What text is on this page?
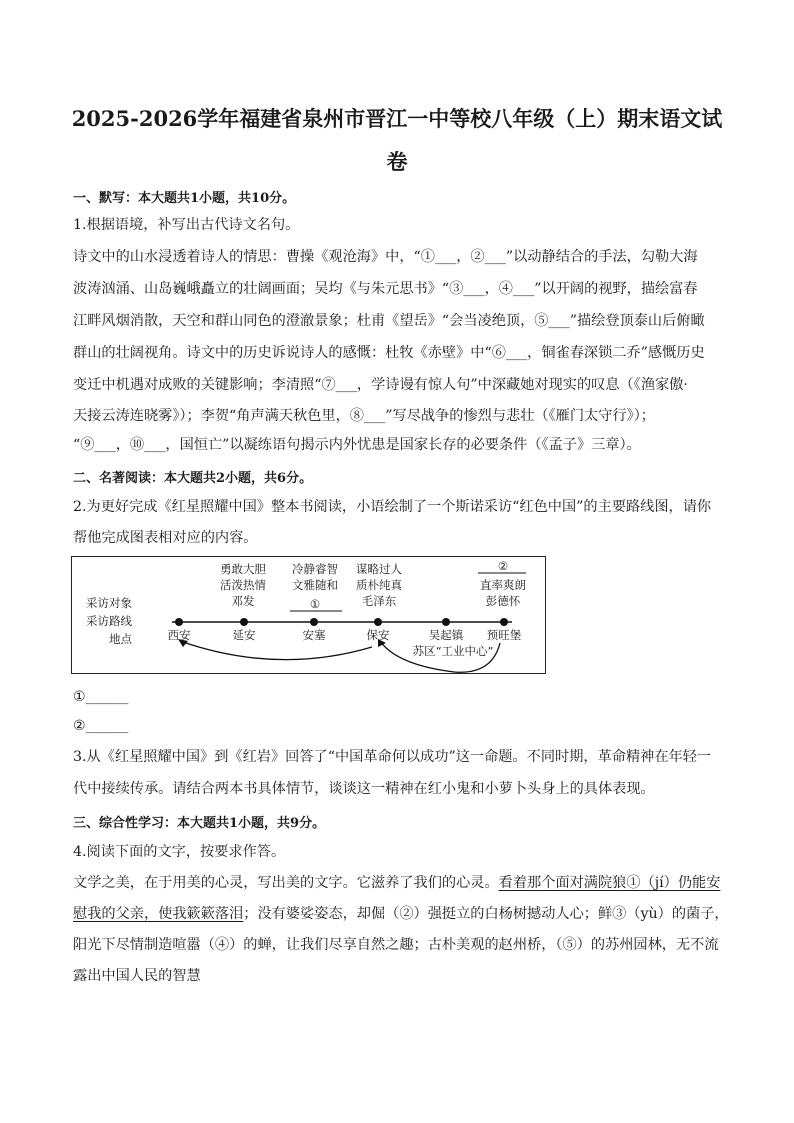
2025-2026学年福建省泉州市晋江一中等校八年级（上）期末语文试
卷
一、默写：本大题共1小题，共10分。
1.根据语境，补写出古代诗文名句。
诗文中的山水浸透着诗人的情思：曹操《观沧海》中，“①___，②___”以动静结合的手法，勾勒大海
波涛汹涌、山岛巍峨矗立的壮阔画面；吴均《与朱元思书》“③___，④___”以开阔的视野，描绘富春
江畔风烟消散，天空和群山同色的澄澈景象；杜甫《望岳》“会当凌绝顶，⑤___”描绘登顶泰山后俯瞰
群山的壮阔视角。诗文中的历史诉说诗人的感慨：杜牧《赤壁》中“⑥___，铜雀春深锁二乔”感慨历史
变迁中机遇对成败的关键影响；李清照“⑦___，学诗谩有惊人句”中深藏她对现实的叹息（《渔家傲·
天接云涛连晓雾》）；李贺“角声满天秋色里，⑧___”写尽战争的惨烈与悲壮（《雁门太守行》）；
“⑨___，⑩___，国恒亡”以凝练语句揭示内外忧患是国家长存的必要条件（《孟子》三章）。
二、名著阅读：本大题共2小题，共6分。
2.为更好完成《红星照耀中国》整本书阅读，小语绘制了一个斯诺采访“红色中国”的主要路线图，请你
帮他完成图表相对应的内容。
采访对象
采访路线
地点
勇敢大胆
活泼热情
邓发
冷静睿智
文雅随和
①
谋略过人
质朴纯真
毛泽东
②
直率爽朗
彭德怀
西安	延安	安塞	保安	吴起镇	预旺堡
苏区“工业中心”
①______
②______
3.从《红星照耀中国》到《红岩》回答了“中国革命何以成功”这一命题。不同时期，革命精神在年轻一
代中接续传承。请结合两本书具体情节，谈谈这一精神在红小鬼和小萝卜头身上的具体表现。
三、综合性学习：本大题共1小题，共9分。
4.阅读下面的文字，按要求作答。
文学之美，在于用美的心灵，写出美的文字。它滋养了我们的心灵。看着那个面对满院狼①（jí）仍能安
慰我的父亲，使我簌簌落泪；没有婆娑姿态，却倔（②）强挺立的白杨树撼动人心；鲜③（yù）的菌子，
阳光下尽情制造喧嚣（④）的蝉，让我们尽享自然之趣；古朴美观的赵州桥，（⑤）的苏州园林，无不流
露出中国人民的智慧
